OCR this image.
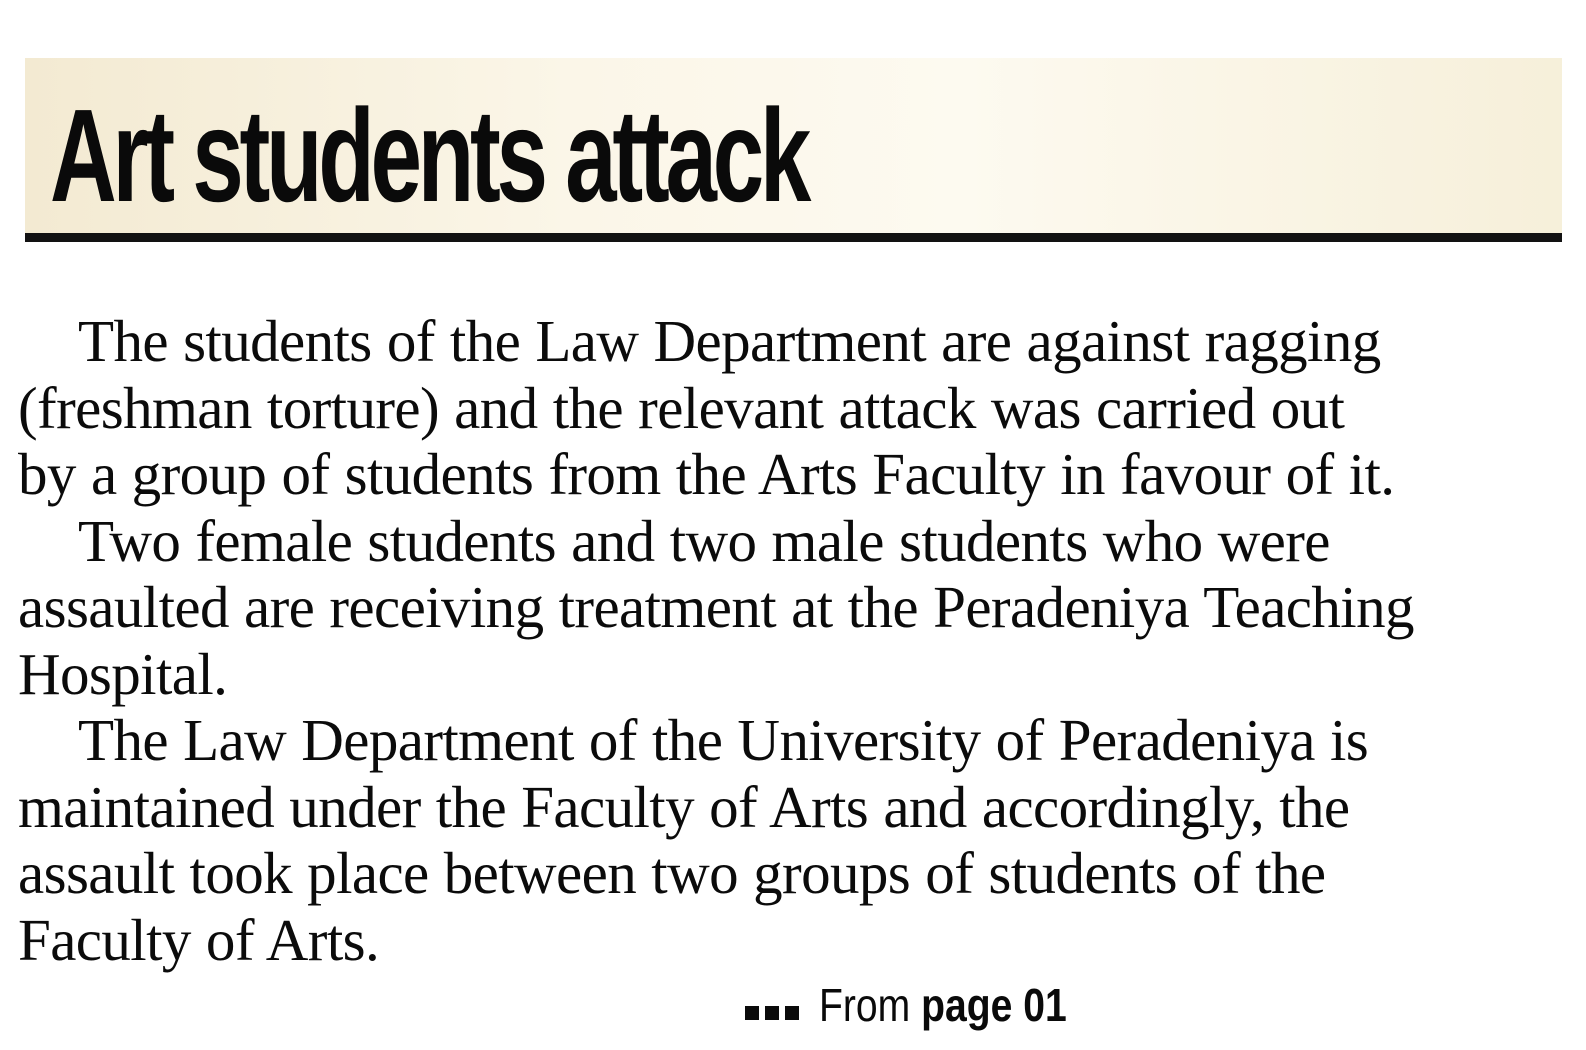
Art students attack
From page 01

The students of the Law Department are against ragging
(freshman torture) and the relevant attack was carried out
by a group of students from the Arts Faculty in favour of it.

Two female students and two male students who were
assaulted are receiving treatment at the Peradeniya Teaching
Hospital.

The Law Department of the University of Peradeniya is
maintained under the Faculty of Arts and accordingly, the
assault took place between two groups of students of the
Faculty of Arts.
